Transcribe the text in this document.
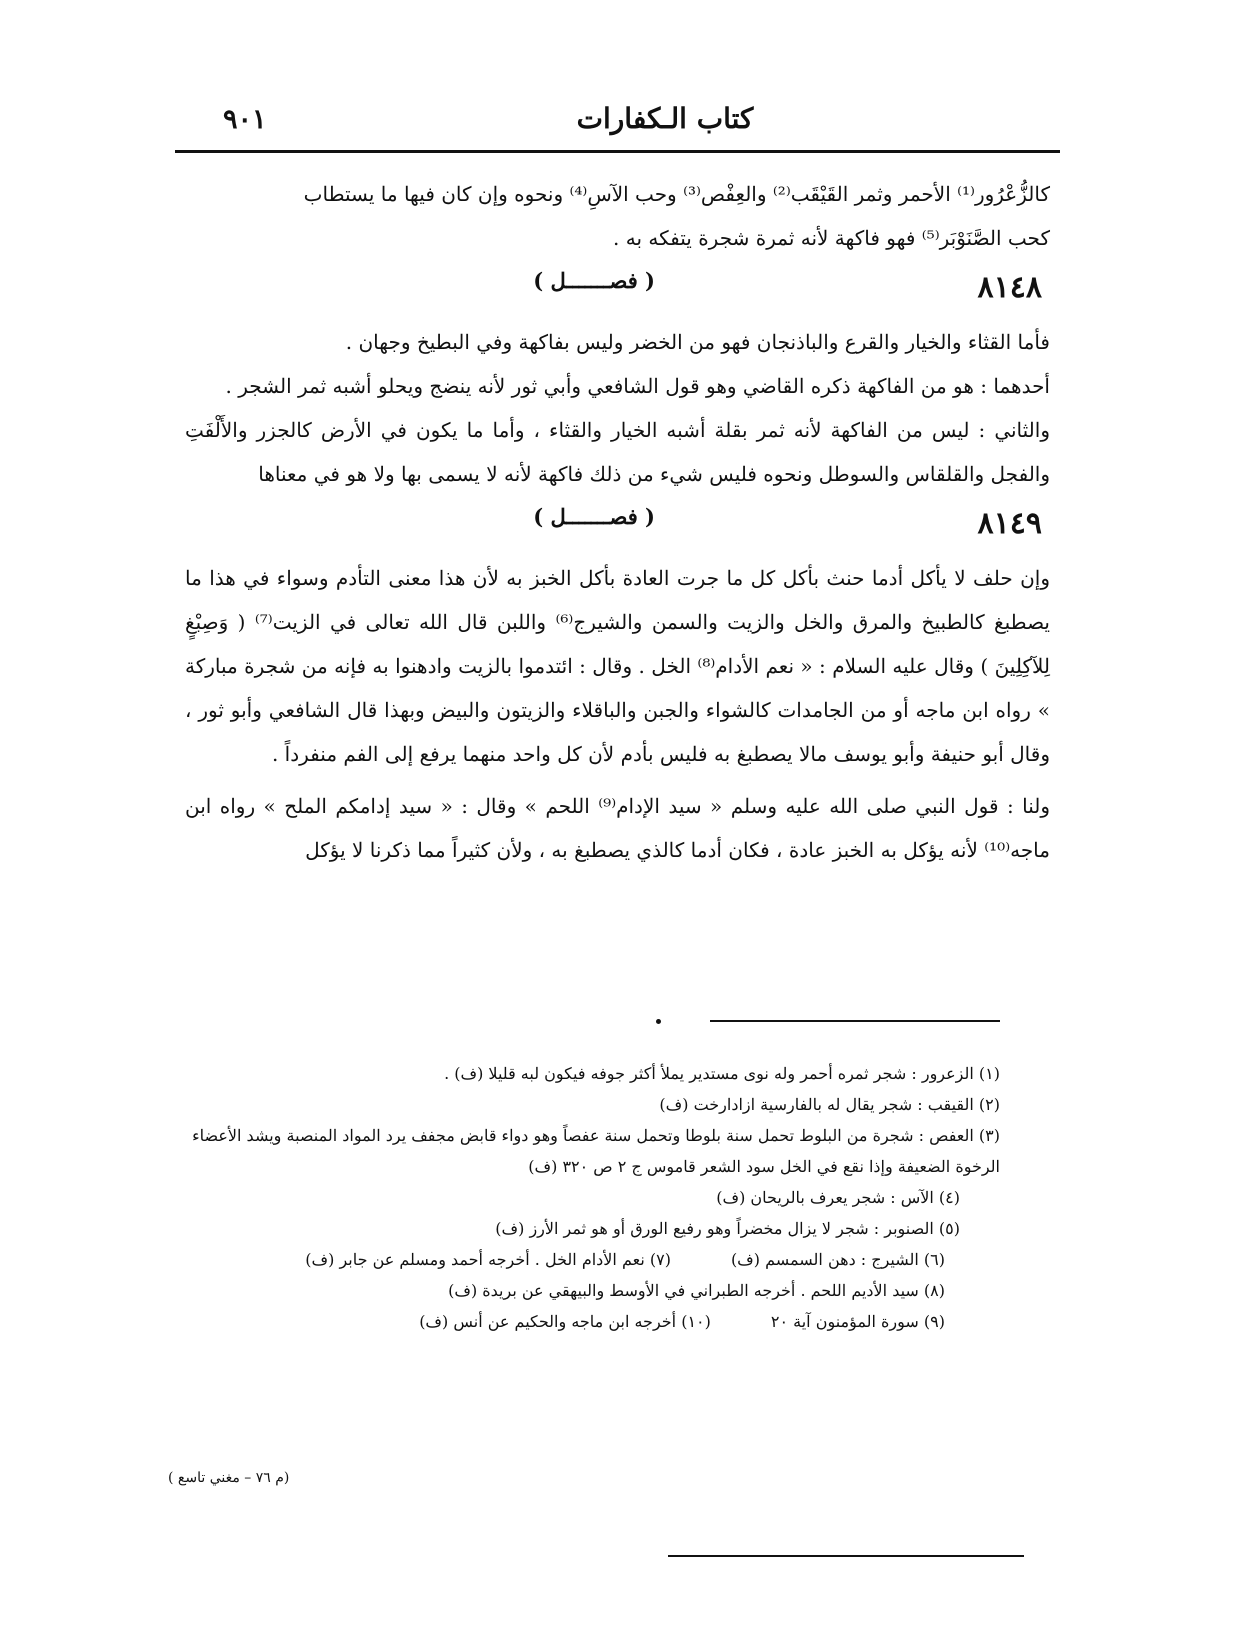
٩٠١	كتاب الـكفارات

كالزُّعْرُور⁽¹⁾ الأحمر وثمر القَيْقَب⁽²⁾ والعِفْص⁽³⁾ وحب الآسِ⁽⁴⁾ ونحوه وإن كان فيها ما يستطاب

كحب الصَّنَوْبَر⁽⁵⁾ فهو فاكهة لأنه ثمرة شجرة يتفكه به .

٨١٤٨
( فصـــــــل )

فأما القثاء والخيار والقرع والباذنجان فهو من الخضر وليس بفاكهة وفي البطيخ وجهان .

أحدهما : هو من الفاكهة ذكره القاضي وهو قول الشافعي وأبي ثور لأنه ينضج ويحلو أشبه ثمر الشجر .

والثاني : ليس من الفاكهة لأنه ثمر بقلة أشبه الخيار والقثاء ، وأما ما يكون في الأرض كالجزر والأَلْفَتِ والفجل والقلقاس والسوطل ونحوه فليس شيء من ذلك فاكهة لأنه لا يسمى بها ولا هو في معناها

٨١٤٩
( فصـــــــل )

وإن حلف لا يأكل أدما حنث بأكل كل ما جرت العادة بأكل الخبز به لأن هذا معنى التأدم وسواء في هذا ما يصطبغ كالطبيخ والمرق والخل والزيت والسمن والشيرج⁽⁶⁾ واللبن قال الله تعالى في الزيت⁽⁷⁾ ( وَصِبْغٍ لِلآكِلِينَ ) وقال عليه السلام : « نعم الأدام⁽⁸⁾ الخل . وقال : ائتدموا بالزيت وادهنوا به فإنه من شجرة مباركة » رواه ابن ماجه أو من الجامدات كالشواء والجبن والباقلاء والزيتون والبيض وبهذا قال الشافعي وأبو ثور ، وقال أبو حنيفة وأبو يوسف مالا يصطبغ به فليس بأدم لأن كل واحد منهما يرفع إلى الفم منفرداً .

ولنا : قول النبي صلى الله عليه وسلم « سيد الإدام⁽⁹⁾ اللحم » وقال : « سيد إدامكم الملح » رواه ابن ماجه⁽¹⁰⁾ لأنه يؤكل به الخبز عادة ، فكان أدما كالذي يصطبغ به ، ولأن كثيراً مما ذكرنا لا يؤكل

(١) الزعرور : شجر ثمره أحمر وله نوى مستدير يملأ أكثر جوفه فيكون لبه قليلا (ف) .
(٢) القيقب : شجر يقال له بالفارسية ازادارخت (ف)
(٣) العفص : شجرة من البلوط تحمل سنة بلوطا وتحمل سنة عفصاً وهو دواء قابض مجفف يرد المواد المنصبة ويشد الأعضاء الرخوة الضعيفة وإذا نقع في الخل سود الشعر قاموس ج ٢ ص ٣٢٠ (ف)
(٤) الآس : شجر يعرف بالريحان (ف)
(٥) الصنوبر : شجر لا يزال مخضراً وهو رفيع الورق أو هو ثمر الأرز (ف)
(٦) الشيرج : دهن السمسم (ف)
(٧) نعم الأدام الخل . أخرجه أحمد ومسلم عن جابر (ف)
(٨) سيد الأديم اللحم . أخرجه الطبراني في الأوسط والبيهقي عن بريدة (ف)
(٩) سورة المؤمنون آية ٢٠
(١٠) أخرجه ابن ماجه والحكيم عن أنس (ف)
(م ٧٦ – مغني تاسع )
